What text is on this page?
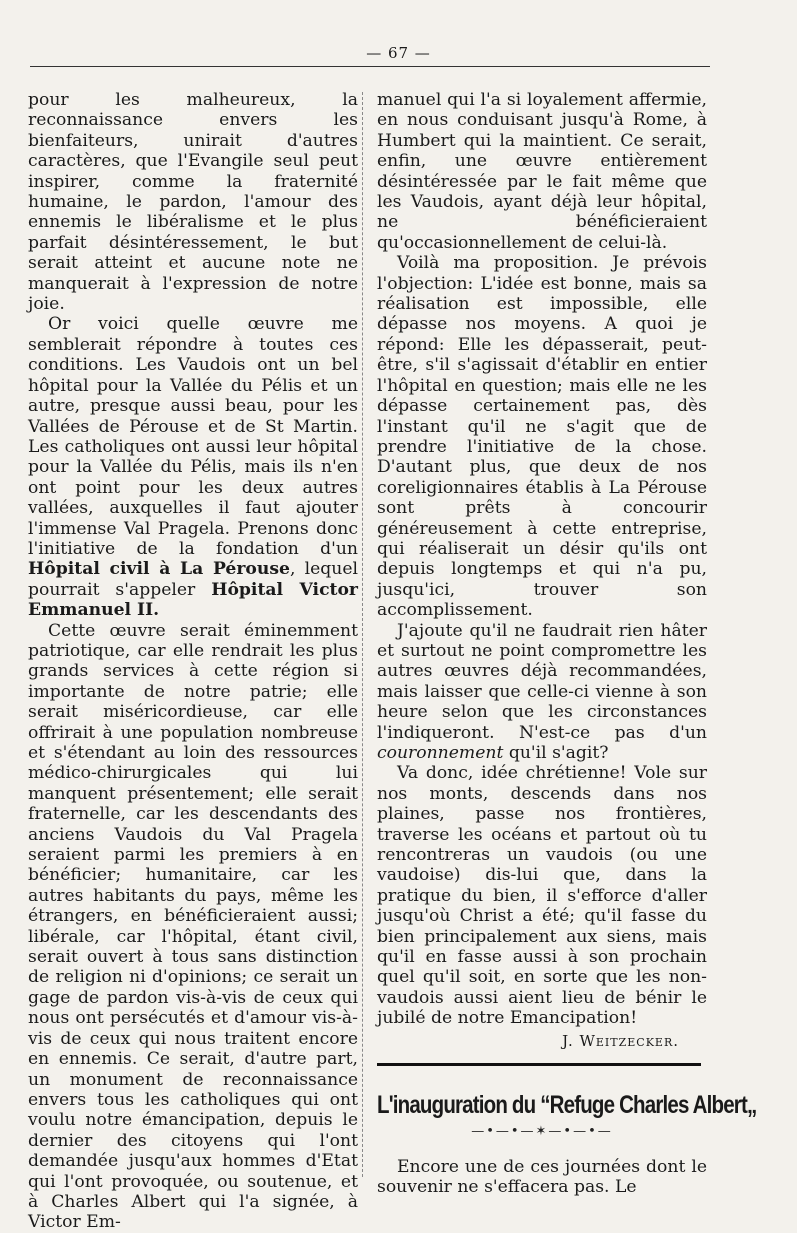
— 67 —

pour les malheureux, la reconnaissance envers les bienfaiteurs, unirait d'autres caractères, que l'Evangile seul peut inspirer, comme la fraternité humaine, le pardon, l'amour des ennemis le libéralisme et le plus parfait désintéressement, le but serait atteint et aucune note ne manquerait à l'expression de notre joie.

Or voici quelle œuvre me semblerait répondre à toutes ces conditions. Les Vaudois ont un bel hôpital pour la Vallée du Pélis et un autre, presque aussi beau, pour les Vallées de Pérouse et de St Martin. Les catholiques ont aussi leur hôpital pour la Vallée du Pélis, mais ils n'en ont point pour les deux autres vallées, auxquelles il faut ajouter l'immense Val Pragela. Prenons donc l'initiative de la fondation d'un Hôpital civil à La Pérouse, lequel pourrait s'appeler Hôpital Victor Emmanuel II.

Cette œuvre serait éminemment patriotique, car elle rendrait les plus grands services à cette région si importante de notre patrie; elle serait miséricordieuse, car elle offrirait à une population nombreuse et s'étendant au loin des ressources médico-chirurgicales qui lui manquent présentement; elle serait fraternelle, car les descendants des anciens Vaudois du Val Pragela seraient parmi les premiers à en bénéficier; humanitaire, car les autres habitants du pays, même les étrangers, en bénéficieraient aussi; libérale, car l'hôpital, étant civil, serait ouvert à tous sans distinction de religion ni d'opinions; ce serait un gage de pardon vis-à-vis de ceux qui nous ont persécutés et d'amour vis-à-vis de ceux qui nous traitent encore en ennemis. Ce serait, d'autre part, un monument de reconnaissance envers tous les catholiques qui ont voulu notre émancipation, depuis le dernier des citoyens qui l'ont demandée jusqu'aux hommes d'Etat qui l'ont provoquée, ou soutenue, et à Charles Albert qui l'a signée, à Victor Em-

manuel qui l'a si loyalement affermie, en nous conduisant jusqu'à Rome, à Humbert qui la maintient. Ce serait, enfin, une œuvre entièrement désintéressée par le fait même que les Vaudois, ayant déjà leur hôpital, ne bénéficieraient qu'occasionnellement de celui-là.

Voilà ma proposition. Je prévois l'objection: L'idée est bonne, mais sa réalisation est impossible, elle dépasse nos moyens. A quoi je répond: Elle les dépasserait, peut-être, s'il s'agissait d'établir en entier l'hôpital en question; mais elle ne les dépasse certainement pas, dès l'instant qu'il ne s'agit que de prendre l'initiative de la chose. D'autant plus, que deux de nos coreligionnaires établis à La Pérouse sont prêts à concourir généreusement à cette entreprise, qui réaliserait un désir qu'ils ont depuis longtemps et qui n'a pu, jusqu'ici, trouver son accomplissement.

J'ajoute qu'il ne faudrait rien hâter et surtout ne point compromettre les autres œuvres déjà recommandées, mais laisser que celle-ci vienne à son heure selon que les circonstances l'indiqueront. N'est-ce pas d'un couronnement qu'il s'agit?

Va donc, idée chrétienne! Vole sur nos monts, descends dans nos plaines, passe nos frontières, traverse les océans et partout où tu rencontreras un vaudois (ou une vaudoise) dis-lui que, dans la pratique du bien, il s'efforce d'aller jusqu'où Christ a été; qu'il fasse du bien principalement aux siens, mais qu'il en fasse aussi à son prochain quel qu'il soit, en sorte que les non-vaudois aussi aient lieu de bénir le jubilé de notre Emancipation!

J. Weitzecker.
L'inauguration du “Refuge Charles Albert„
—•—•—✶—•—•—

Encore une de ces journées dont le souvenir ne s'effacera pas. Le
